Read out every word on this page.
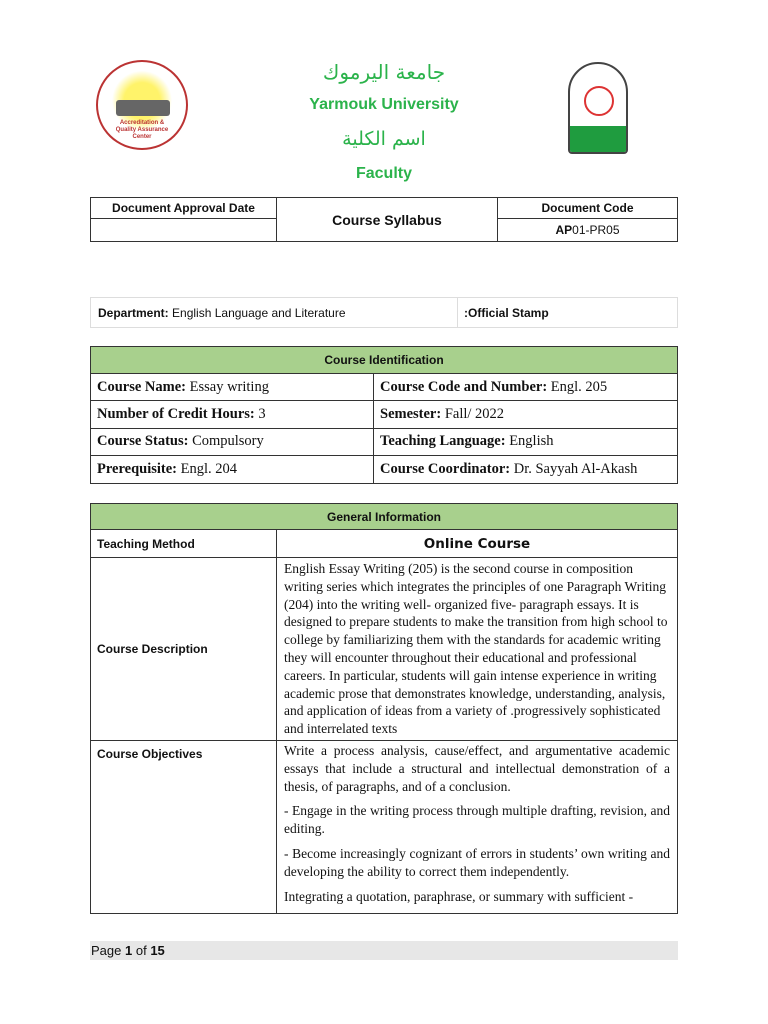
Accreditation & Quality Assurance Center
جامعة اليرموك
Yarmouk University
اسم الكلية
Faculty
Document Approval Date	Course Syllabus	Document Code
		AP01-PR05
Department: English Language and Literature	:Official Stamp
Course Identification	
Course Name: Essay writing	Course Code and Number: Engl. 205
Number of Credit Hours: 3	Semester: Fall/ 2022
Course Status: Compulsory	Teaching Language: English
Prerequisite: Engl. 204	Course Coordinator: Dr. Sayyah Al-Akash
General Information	
Teaching Method	Online Course
Course Description	English Essay Writing (205) is the second course in composition writing series which integrates the principles of one Paragraph Writing (204) into the writing well- organized five- paragraph essays. It is designed to prepare students to make the transition from high school to college by familiarizing them with the standards for academic writing they will encounter throughout their educational and professional careers. In particular, students will gain intense experience in writing academic prose that demonstrates knowledge, understanding, analysis, and application of ideas from a variety of .progressively sophisticated and interrelated texts
Course Objectives	Write a process analysis, cause/effect, and argumentative academic essays that include a structural and intellectual demonstration of a thesis, of paragraphs, and of a conclusion.

- Engage in the writing process through multiple drafting, revision, and editing.

- Become increasingly cognizant of errors in students’ own writing and developing the ability to correct them independently.

Integrating a quotation, paraphrase, or summary with sufficient -

Page 1 of 15
